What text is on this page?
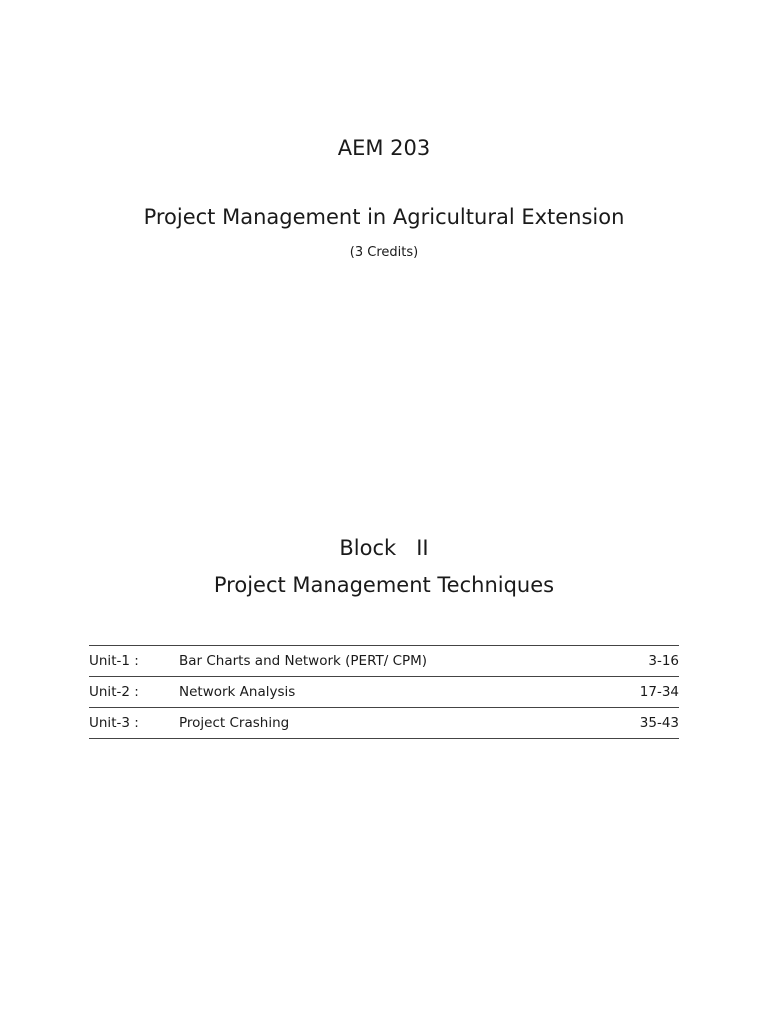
AEM 203
Project Management in Agricultural Extension
(3 Credits)
Block   II
Project Management Techniques
Unit-1 :	Bar Charts and Network (PERT/ CPM)	3-16
Unit-2 :	Network Analysis	17-34
Unit-3 :	Project Crashing	35-43
